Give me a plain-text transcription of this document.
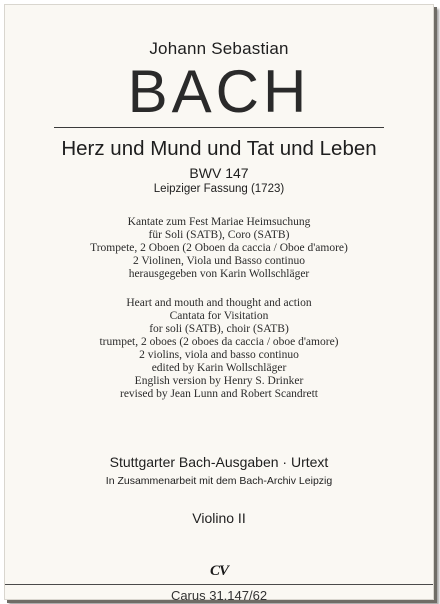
Johann Sebastian
BACH
Herz und Mund und Tat und Leben
BWV 147
Leipziger Fassung (1723)
Kantate zum Fest Mariae Heimsuchung
für Soli (SATB), Coro (SATB)
Trompete, 2 Oboen (2 Oboen da caccia / Oboe d'amore)
2 Violinen, Viola und Basso continuo
herausgegeben von Karin Wollschläger
Heart and mouth and thought and action
Cantata for Visitation
for soli (SATB), choir (SATB)
trumpet, 2 oboes (2 oboes da caccia / oboe d'amore)
2 violins, viola and basso continuo
edited by Karin Wollschläger
English version by Henry S. Drinker
revised by Jean Lunn and Robert Scandrett
Stuttgarter Bach-Ausgaben · Urtext
In Zusammenarbeit mit dem Bach-Archiv Leipzig
Violino II
CV
Carus 31.147/62
